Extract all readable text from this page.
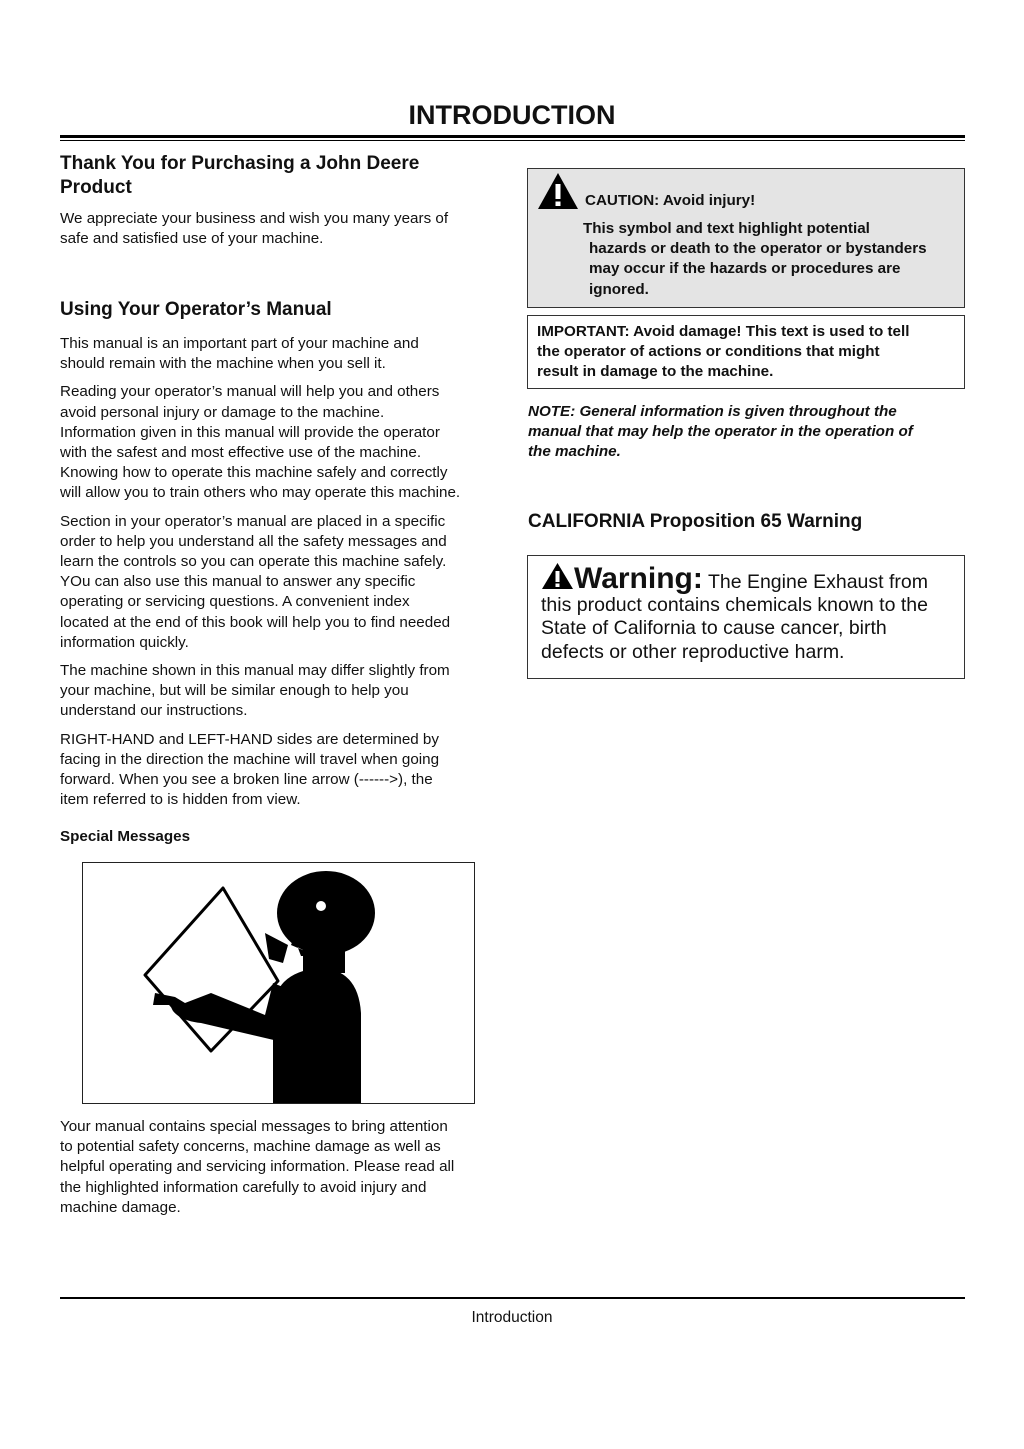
INTRODUCTION
Thank You for Purchasing a John Deere
Product
We appreciate your business and wish you many years of
safe and satisfied use of your machine.
Using Your Operator’s Manual
This manual is an important part of your machine and
should remain with the machine when you sell it.
Reading your operator’s manual will help you and others
avoid personal injury or damage to the machine.
Information given in this manual will provide the operator
with the safest and most effective use of the machine.
Knowing how to operate this machine safely and correctly
will allow you to train others who may operate this machine.
Section in your operator’s manual are placed in a specific
order to help you understand all the safety messages and
learn the controls so you can operate this machine safely.
YOu can also use this manual to answer any specific
operating or servicing questions. A convenient index
located at the end of this book will help you to find needed
information quickly.
The machine shown in this manual may differ slightly from
your machine, but will be similar enough to help you
understand our instructions.
RIGHT-HAND and LEFT-HAND sides are determined by
facing in the direction the machine will travel when going
forward. When you see a broken line arrow (------>), the
item referred to is hidden from view.
Special Messages
Your manual contains special messages to bring attention
to potential safety concerns, machine damage as well as
helpful operating and servicing information. Please read all
the highlighted information carefully to avoid injury and
machine damage.
CAUTION: Avoid injury!
This symbol and text highlight potential
hazards or death to the operator or bystanders
may occur if the hazards or procedures are
ignored.
IMPORTANT: Avoid damage! This text is used to tell
the operator of actions or conditions that might
result in damage to the machine.
NOTE: General information is given throughout the
manual that may help the operator in the operation of
the machine.
CALIFORNIA Proposition 65 Warning
Warning: The Engine Exhaust from
this product contains chemicals known to the
State of California to cause cancer, birth
defects or other reproductive harm.
Introduction
